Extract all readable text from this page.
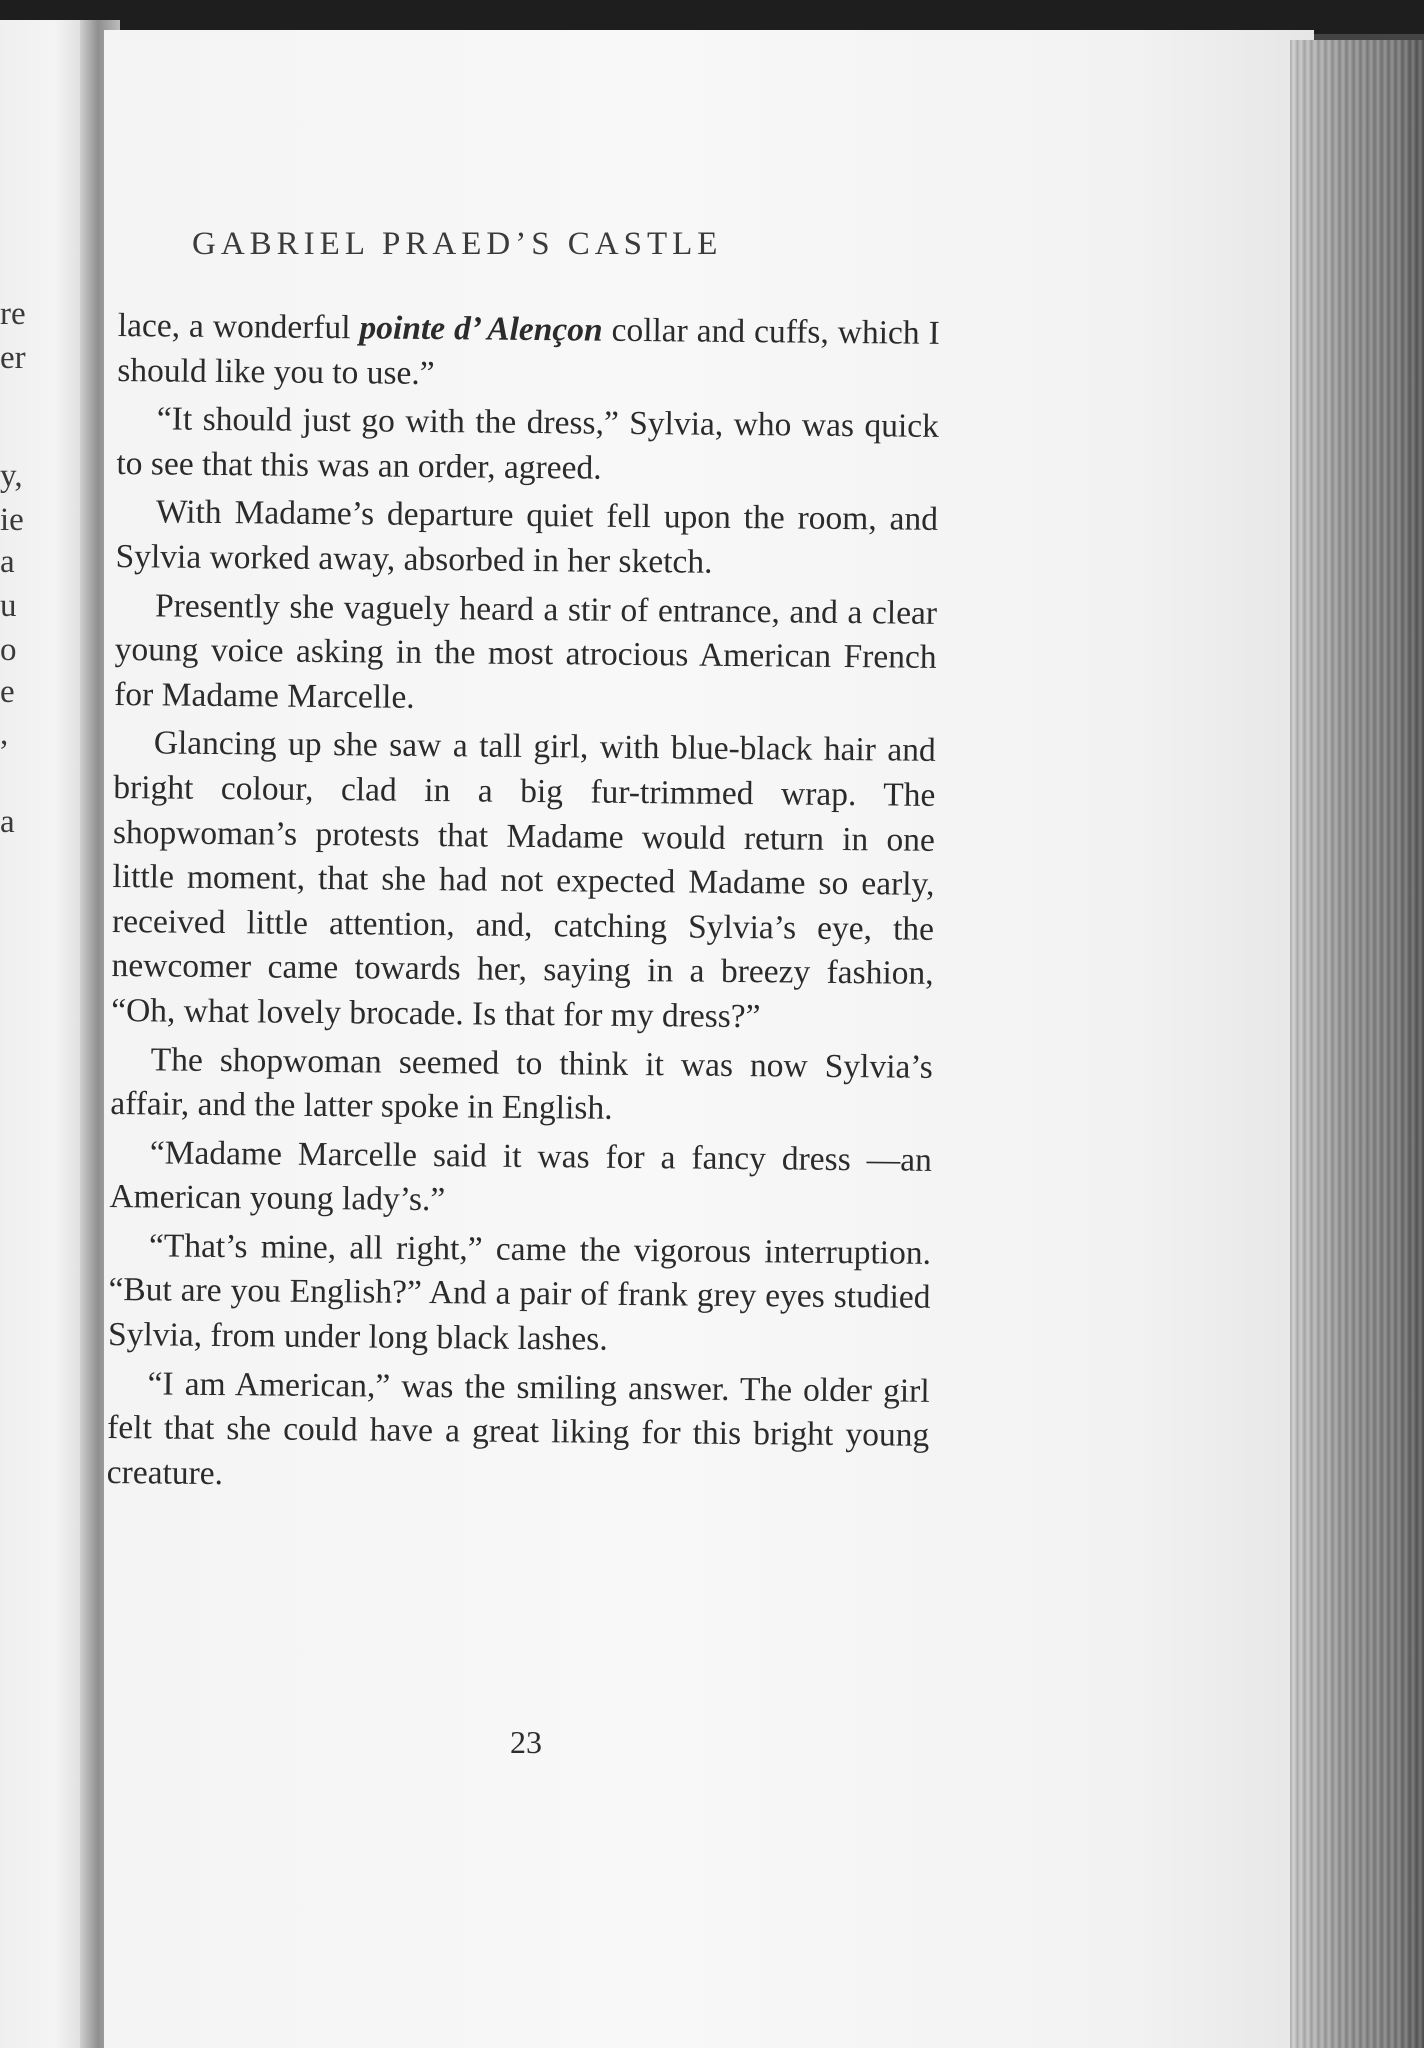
re
er
y,
ie
a
u
o
e
,
a
GABRIEL PRAED’S CASTLE

lace, a wonderful pointe d’ Alençon collar and cuffs, which I should like you to use.”

“It should just go with the dress,” Sylvia, who was quick to see that this was an order, agreed.

With Madame’s departure quiet fell upon the room, and Sylvia worked away, absorbed in her sketch.

Presently she vaguely heard a stir of entrance, and a clear young voice asking in the most atrocious American French for Madame Marcelle.

Glancing up she saw a tall girl, with blue-black hair and bright colour, clad in a big fur-trimmed wrap. The shopwoman’s protests that Madame would return in one little moment, that she had not expected Madame so early, received little attention, and, catching Sylvia’s eye, the newcomer came towards her, saying in a breezy fashion, “Oh, what lovely brocade. Is that for my dress?”

The shopwoman seemed to think it was now Sylvia’s affair, and the latter spoke in English.

“Madame Marcelle said it was for a fancy dress —an American young lady’s.”

“That’s mine, all right,” came the vigorous interruption. “But are you English?” And a pair of frank grey eyes studied Sylvia, from under long black lashes.

“I am American,” was the smiling answer. The older girl felt that she could have a great liking for this bright young creature.

23
